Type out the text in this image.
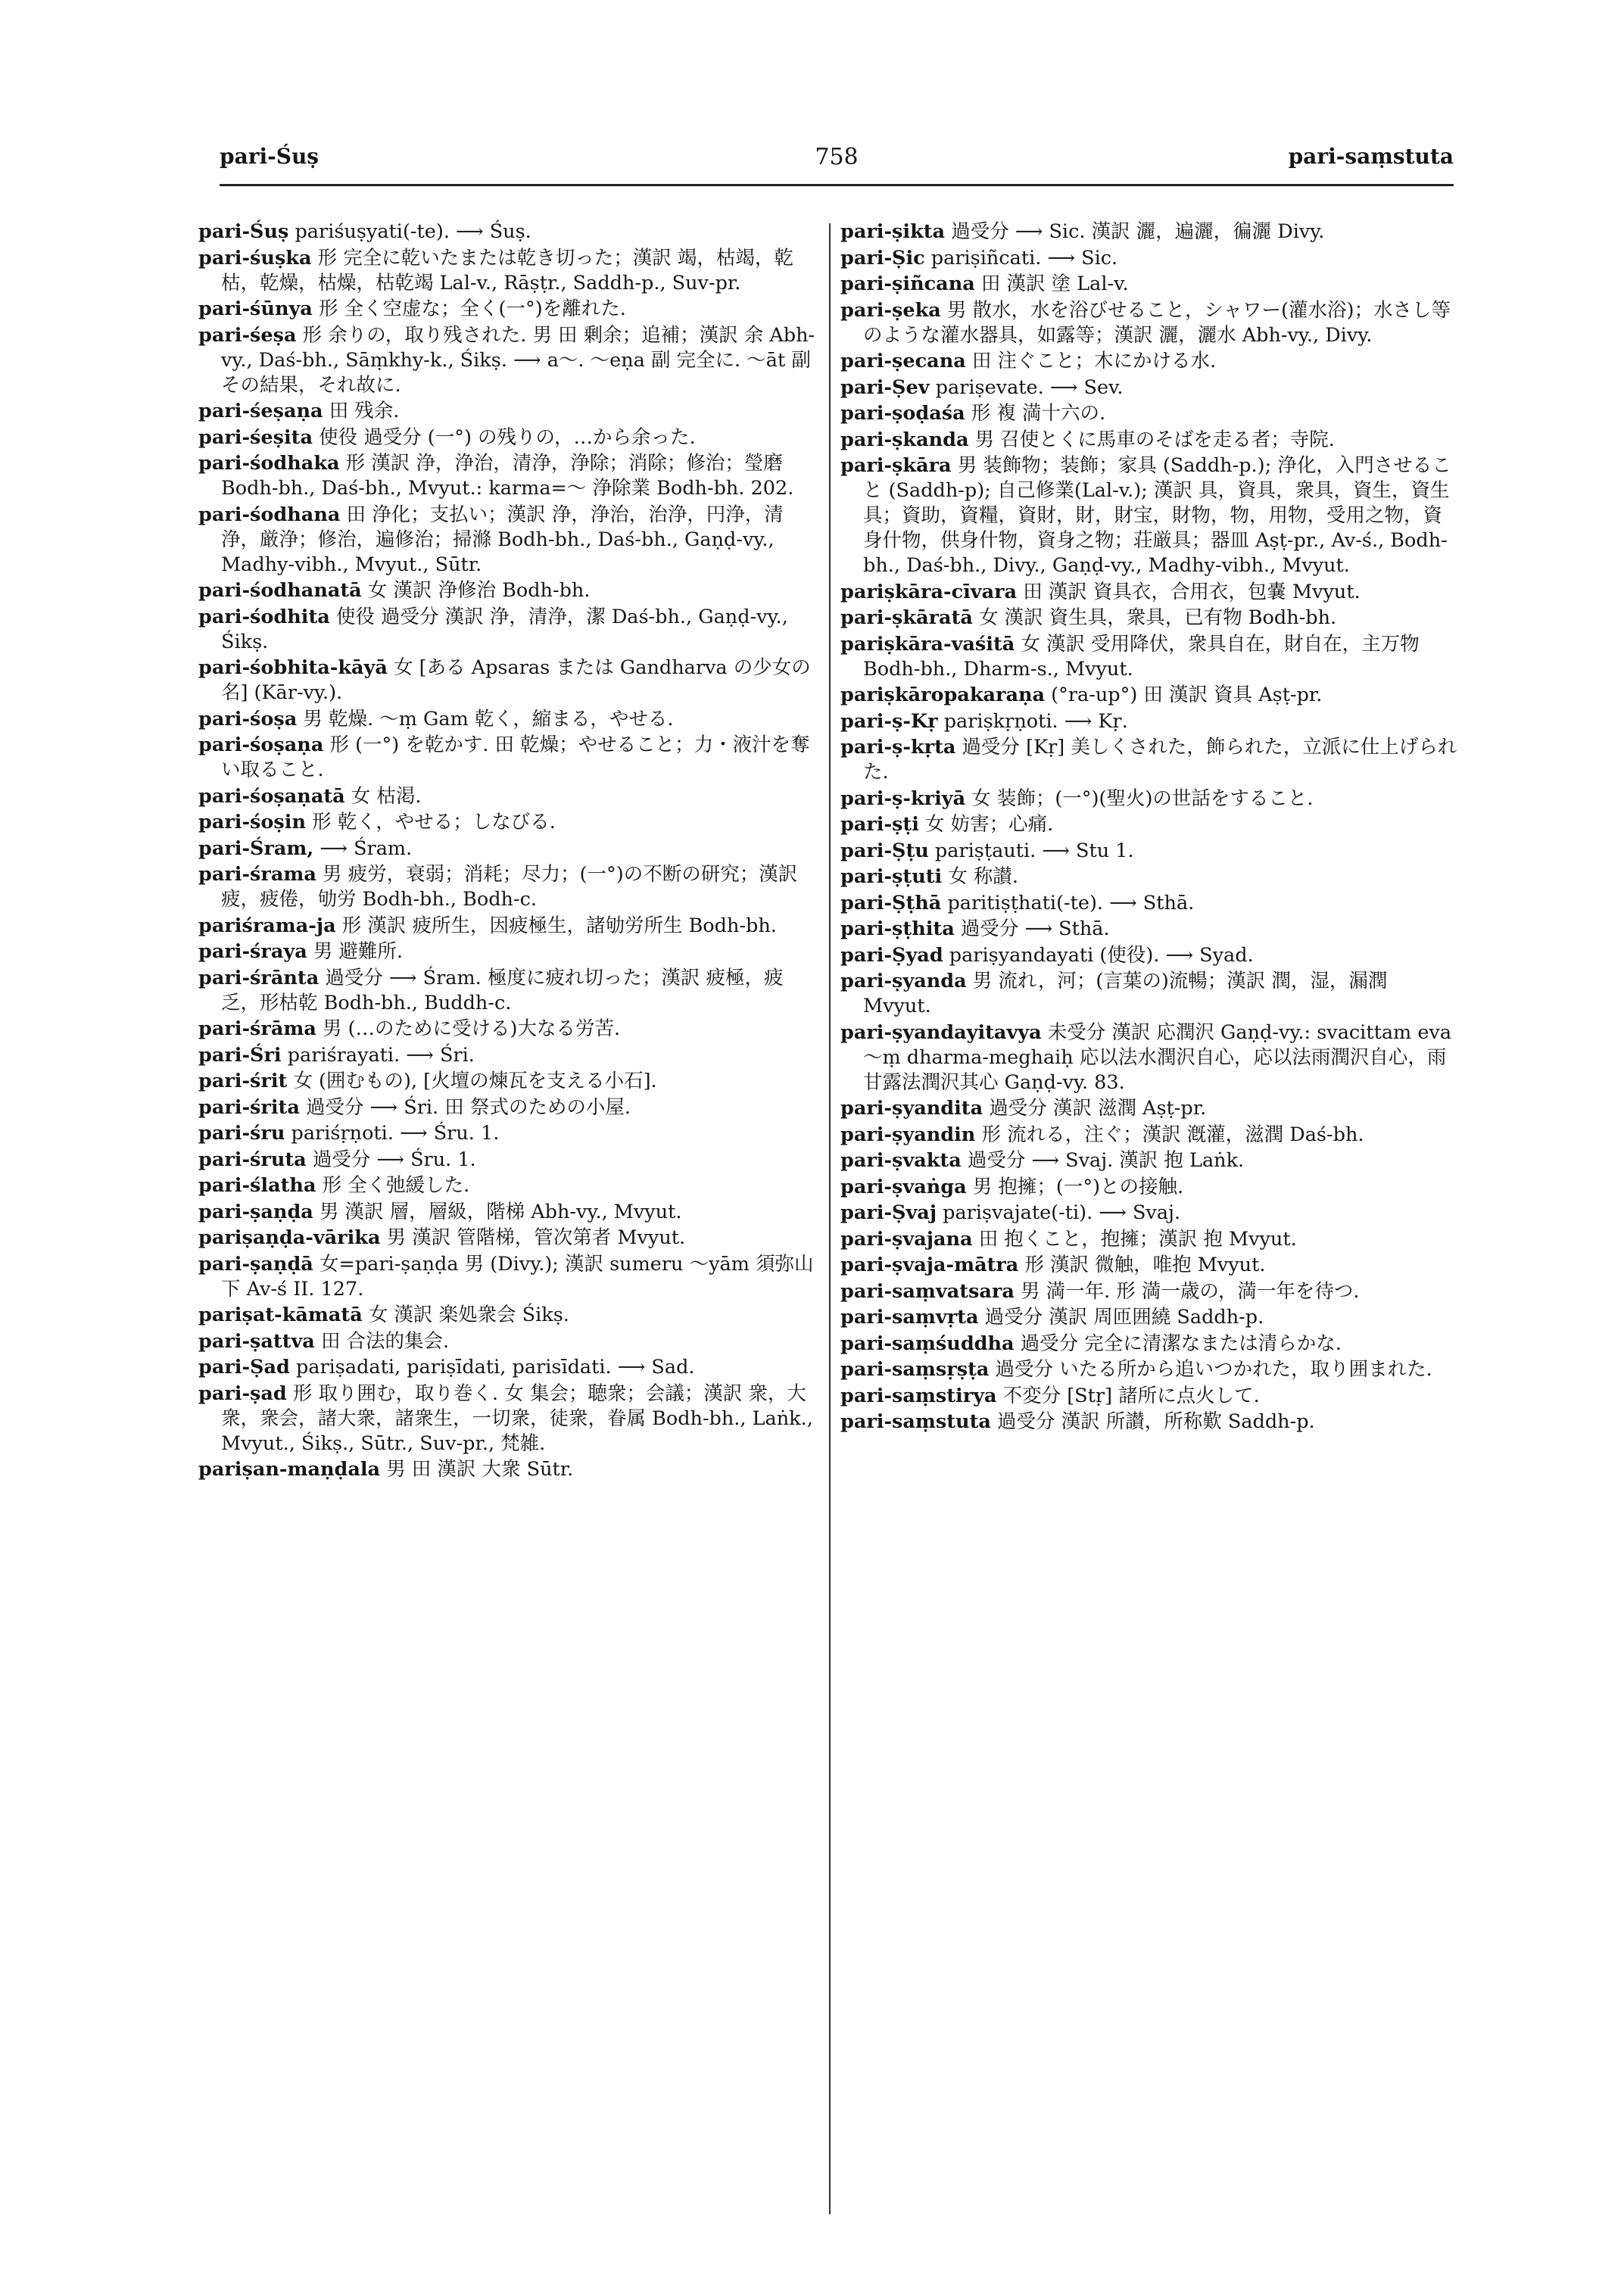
pari-Śuṣ	758	pari-saṃstuta
pari-Śuṣ pariśuṣyati(-te). ⟶ Śuṣ.
pari-śuṣka 形 完全に乾いたまたは乾き切った；漢訳 竭，枯竭，乾枯，乾燥，枯燥，枯乾竭 Lal-v., Rāṣṭr., Saddh-p., Suv-pr.
pari-śūnya 形 全く空虚な；全く(一°)を離れた.
pari-śeṣa 形 余りの，取り残された. 男 田 剰余；追補；漢訳 余 Abh-vy., Daś-bh., Sāṃkhy-k., Śikṣ. ⟶ a〜. 〜eṇa 副 完全に. 〜āt 副 その結果，それ故に.
pari-śeṣaṇa 田 残余.
pari-śeṣita 使役 過受分 (一°) の残りの，…から余った.
pari-śodhaka 形 漢訳 浄，浄治，清浄，浄除；消除；修治；瑩磨 Bodh-bh., Daś-bh., Mvyut.: karma=〜 浄除業 Bodh-bh. 202.
pari-śodhana 田 浄化；支払い；漢訳 浄，浄治，治浄，円浄，清浄，厳浄；修治，遍修治；掃滌 Bodh-bh., Daś-bh., Gaṇḍ-vy., Madhy-vibh., Mvyut., Sūtr.
pari-śodhanatā 女 漢訳 浄修治 Bodh-bh.
pari-śodhita 使役 過受分 漢訳 浄，清浄，潔 Daś-bh., Gaṇḍ-vy., Śikṣ.
pari-śobhita-kāyā 女 [ある Apsaras または Gandharva の少女の名] (Kār-vy.).
pari-śoṣa 男 乾燥. 〜ṃ Gam 乾く，縮まる，やせる.
pari-śoṣaṇa 形 (一°) を乾かす. 田 乾燥；やせること；力・液汁を奪い取ること.
pari-śoṣaṇatā 女 枯渇.
pari-śoṣin 形 乾く，やせる；しなびる.
pari-Śram, ⟶ Śram.
pari-śrama 男 疲労，衰弱；消耗；尽力；(一°)の不断の研究；漢訳 疲，疲倦，劬労 Bodh-bh., Bodh-c.
pariśrama-ja 形 漢訳 疲所生，因疲極生，諸劬労所生 Bodh-bh.
pari-śraya 男 避難所.
pari-śrānta 過受分 ⟶ Śram. 極度に疲れ切った；漢訳 疲極，疲乏，形枯乾 Bodh-bh., Buddh-c.
pari-śrāma 男 (…のために受ける)大なる労苦.
pari-Śri pariśrayati. ⟶ Śri.
pari-śrit 女 (囲むもの), [火壇の煉瓦を支える小石].
pari-śrita 過受分 ⟶ Śri. 田 祭式のための小屋.
pari-śru pariśṛṇoti. ⟶ Śru. 1.
pari-śruta 過受分 ⟶ Śru. 1.
pari-ślatha 形 全く弛緩した.
pari-ṣaṇḍa 男 漢訳 層，層級，階梯 Abh-vy., Mvyut.
pariṣaṇḍa-vārika 男 漢訳 管階梯，管次第者 Mvyut.
pari-ṣaṇḍā 女=pari-ṣaṇḍa 男 (Divy.); 漢訳 sumeru 〜yām 須弥山下 Av-ś II. 127.
pariṣat-kāmatā 女 漢訳 楽処衆会 Śikṣ.
pari-ṣattva 田 合法的集会.
pari-Ṣad pariṣadati, pariṣīdati, parisīdati. ⟶ Sad.
pari-ṣad 形 取り囲む，取り巻く. 女 集会；聴衆；会議；漢訳 衆，大衆，衆会，諸大衆，諸衆生，一切衆，徒衆，眷属 Bodh-bh., Laṅk., Mvyut., Śikṣ., Sūtr., Suv-pr., 梵雑.
pariṣan-maṇḍala 男 田 漢訳 大衆 Sūtr.
pari-ṣikta 過受分 ⟶ Sic. 漢訳 灑，遍灑，徧灑 Divy.
pari-Ṣic pariṣiñcati. ⟶ Sic.
pari-ṣiñcana 田 漢訳 塗 Lal-v.
pari-ṣeka 男 散水，水を浴びせること，シャワー(灌水浴)；水さし等のような灌水器具，如露等；漢訳 灑，灑水 Abh-vy., Divy.
pari-ṣecana 田 注ぐこと；木にかける水.
pari-Ṣev pariṣevate. ⟶ Sev.
pari-ṣoḍaśa 形 複 満十六の.
pari-ṣkanda 男 召使とくに馬車のそばを走る者；寺院.
pari-ṣkāra 男 装飾物；装飾；家具 (Saddh-p.); 浄化，入門させること (Saddh-p); 自己修業(Lal-v.); 漢訳 具，資具，衆具，資生，資生具；資助，資糧，資財，財，財宝，財物，物，用物，受用之物，資身什物，供身什物，資身之物；荘厳具；器皿 Aṣṭ-pr., Av-ś., Bodh-bh., Daś-bh., Divy., Gaṇḍ-vy., Madhy-vibh., Mvyut.
pariṣkāra-cīvara 田 漢訳 資具衣，合用衣，包嚢 Mvyut.
pari-ṣkāratā 女 漢訳 資生具，衆具，已有物 Bodh-bh.
pariṣkāra-vaśitā 女 漢訳 受用降伏，衆具自在，財自在，主万物 Bodh-bh., Dharm-s., Mvyut.
pariṣkāropakaraṇa (°ra-up°) 田 漢訳 資具 Aṣṭ-pr.
pari-ṣ-Kṛ pariṣkṛṇoti. ⟶ Kṛ.
pari-ṣ-kṛta 過受分 [Kṛ] 美しくされた，飾られた，立派に仕上げられた.
pari-ṣ-kriyā 女 装飾；(一°)(聖火)の世話をすること.
pari-ṣṭi 女 妨害；心痛.
pari-Ṣṭu pariṣṭauti. ⟶ Stu 1.
pari-ṣṭuti 女 称讃.
pari-Ṣṭhā paritiṣṭhati(-te). ⟶ Sthā.
pari-ṣṭhita 過受分 ⟶ Sthā.
pari-Ṣyad pariṣyandayati (使役). ⟶ Syad.
pari-ṣyanda 男 流れ，河；(言葉の)流暢；漢訳 潤，湿，漏潤 Mvyut.
pari-ṣyandayitavya 未受分 漢訳 応潤沢 Gaṇḍ-vy.: svacittam eva 〜ṃ dharma-meghaiḥ 応以法水潤沢自心，応以法雨潤沢自心，雨甘露法潤沢其心 Gaṇḍ-vy. 83.
pari-ṣyandita 過受分 漢訳 滋潤 Aṣṭ-pr.
pari-ṣyandin 形 流れる，注ぐ；漢訳 漑灌，滋潤 Daś-bh.
pari-ṣvakta 過受分 ⟶ Svaj. 漢訳 抱 Laṅk.
pari-ṣvaṅga 男 抱擁；(一°)との接触.
pari-Ṣvaj pariṣvajate(-ti). ⟶ Svaj.
pari-ṣvajana 田 抱くこと，抱擁；漢訳 抱 Mvyut.
pari-ṣvaja-mātra 形 漢訳 微触，唯抱 Mvyut.
pari-saṃvatsara 男 満一年. 形 満一歳の，満一年を待つ.
pari-saṃvṛta 過受分 漢訳 周匝囲繞 Saddh-p.
pari-saṃśuddha 過受分 完全に清潔なまたは清らかな.
pari-saṃsṛṣṭa 過受分 いたる所から追いつかれた，取り囲まれた.
pari-saṃstirya 不変分 [Stṛ] 諸所に点火して.
pari-saṃstuta 過受分 漢訳 所讃，所称歎 Saddh-p.
